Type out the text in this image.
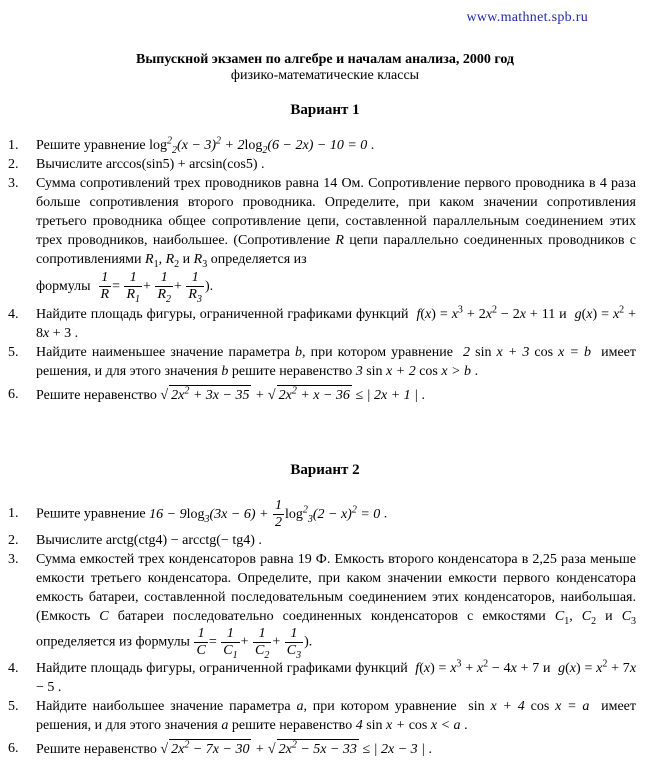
www.mathnet.spb.ru
Выпускной экзамен по алгебре и началам анализа, 2000 год
физико-математические классы
Вариант 1
1. Решите уравнение $\log^2_2(x - 3)^2 + 2\log_2(6 - 2x) - 10 = 0$ .
2. Вычислите arccos(sin5) + arcsin(cos5) .
3. Сумма сопротивлений трех проводников равна 14 Ом. Сопротивление первого проводника в 4 раза больше сопротивления второго проводника. Определите, при каком значении сопротивления третьего проводника общее сопротивление цепи, составленной параллельным соединением этих трех проводников, наибольшее. (Сопротивление R цепи параллельно соединенных проводников с сопротивлениями $R_1$, $R_2$ и $R_3$ определяется из
формулы $\frac{1}{R} = \frac{1}{R_1} + \frac{1}{R_2} + \frac{1}{R_3}$ ).
4. Найдите площадь фигуры, ограниченной графиками функций $f(x) = x^3 + 2x^2 - 2x + 11$ и  $g(x) = x^2 + 8x + 3$ .
5. Найдите наименьшее значение параметра b, при котором уравнение 2 sin x + 3 cos x = b имеет решения, и для этого значения b решите неравенство 3 sin x + 2 cos x > b .
6. Решите неравенство √ $2x^2 + 3x - 35$ + √ $2x^2 + x - 36$ ≤ | 2x + 1 | .
Вариант 2
1. Решите уравнение $16 - 9\log_3(3x - 6) + \frac{1}{2} \log^2_3(2 - x)^2 = 0$ .
2. Вычислите arctg(ctg4) − arcctg(− tg4) .
3. Сумма емкостей трех конденсаторов равна 19 Ф. Емкость второго конденсатора в 2,25 раза меньше емкости третьего конденсатора. Определите, при каком значении емкости первого конденсатора емкость батареи, составленной последовательным соединением этих конденсаторов, наибольшая. (Емкость C батареи последовательно соединенных конденсаторов с емкостями $C_1$, $C_2$ и $C_3$ определяется из формулы $\frac{1}{C} = \frac{1}{C_1} + \frac{1}{C_2} + \frac{1}{C_3}$ ).
4. Найдите площадь фигуры, ограниченной графиками функций $f(x) = x^3 + x^2 - 4x + 7$ и  $g(x) = x^2 + 7x - 5$ .
5. Найдите наибольшее значение параметра a, при котором уравнение sin x + 4 cos x = a имеет решения, и для этого значения a решите неравенство 4 sin x + cos x < a .
6. Решите неравенство √ $2x^2 - 7x - 30$ + √ $2x^2 - 5x - 33$ ≤ | 2x − 3 | .
